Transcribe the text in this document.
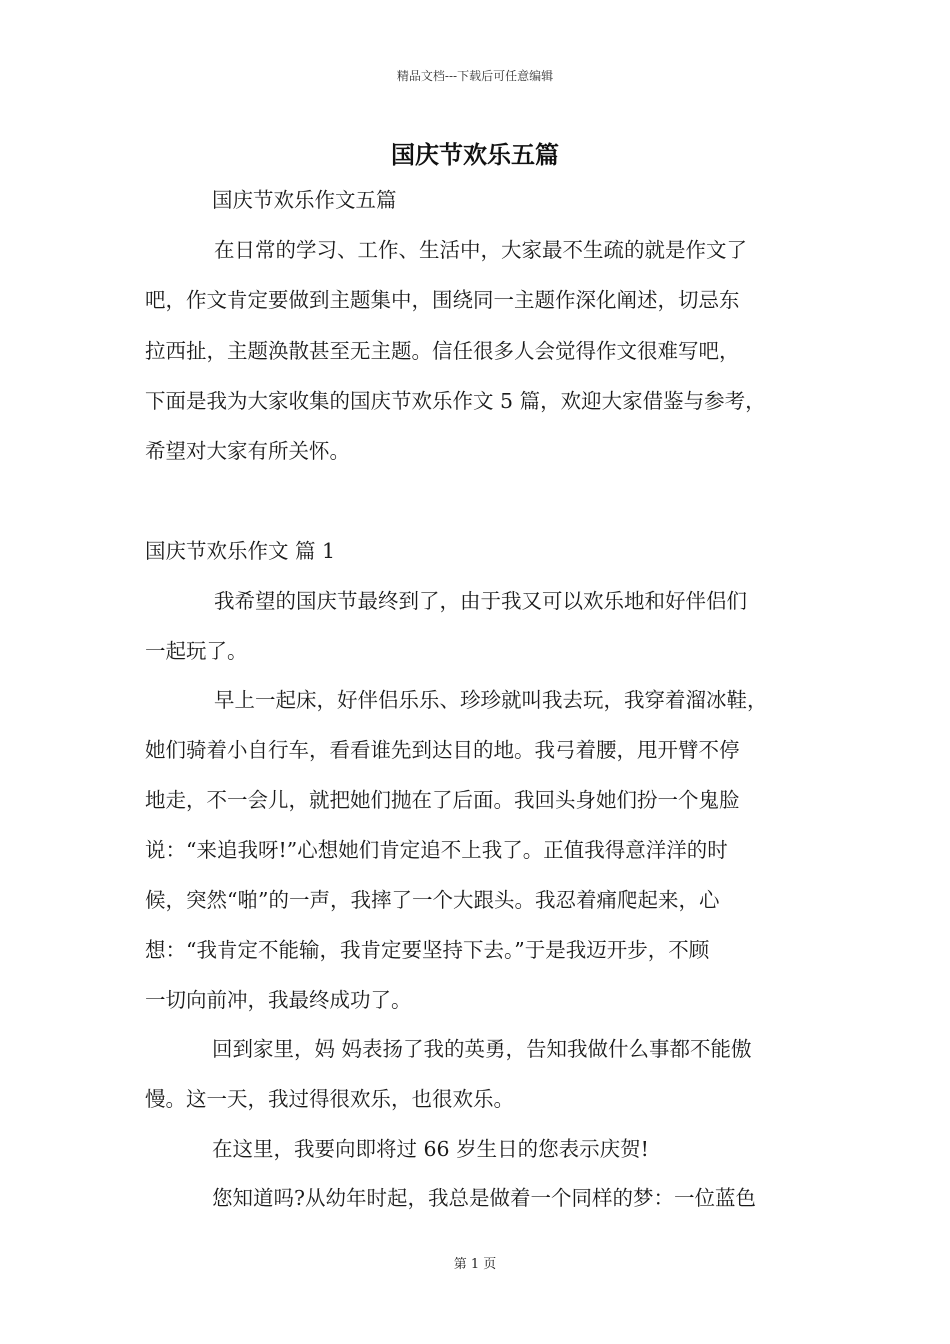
精品文档---下载后可任意编辑
国庆节欢乐五篇
国庆节欢乐作文五篇
在日常的学习、工作、生活中，大家最不生疏的就是作文了
吧，作文肯定要做到主题集中，围绕同一主题作深化阐述，切忌东
拉西扯，主题涣散甚至无主题。信任很多人会觉得作文很难写吧，
下面是我为大家收集的国庆节欢乐作文 5 篇，欢迎大家借鉴与参考，
希望对大家有所关怀。
国庆节欢乐作文 篇 1
我希望的国庆节最终到了，由于我又可以欢乐地和好伴侣们
一起玩了。
早上一起床，好伴侣乐乐、珍珍就叫我去玩，我穿着溜冰鞋，
她们骑着小自行车，看看谁先到达目的地。我弓着腰，甩开臂不停
地走，不一会儿，就把她们抛在了后面。我回头身她们扮一个鬼脸
说：“来追我呀!”心想她们肯定追不上我了。正值我得意洋洋的时
候，突然“啪”的一声，我摔了一个大跟头。我忍着痛爬起来，心
想：“我肯定不能输，我肯定要坚持下去。”于是我迈开步，不顾
一切向前冲，我最终成功了。
回到家里，妈 妈表扬了我的英勇，告知我做什么事都不能傲
慢。这一天，我过得很欢乐，也很欢乐。
在这里，我要向即将过 66 岁生日的您表示庆贺!
您知道吗?从幼年时起，我总是做着一个同样的梦：一位蓝色
第 1 页
